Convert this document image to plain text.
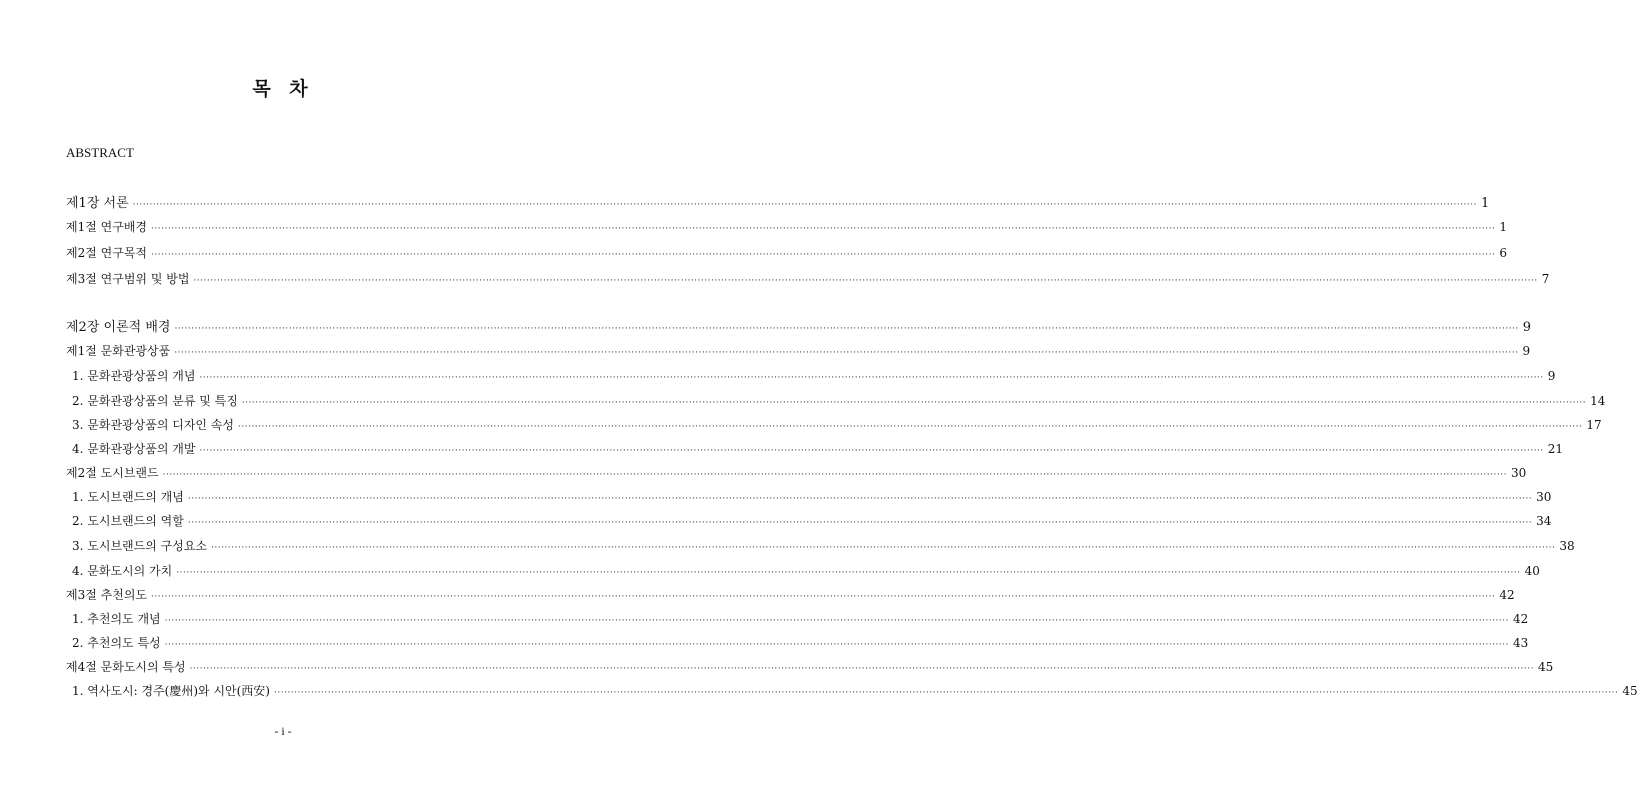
목 차
ABSTRACT
제1장 서론 ················································································································································································································································································································································································································ 1
제1절 연구배경 ················································································································································································································································································································································································································ 1
제2절 연구목적 ················································································································································································································································································································································································································ 6
제3절 연구범위 및 방법 ················································································································································································································································································································································································································ 7
제2장 이론적 배경 ················································································································································································································································································································································································································ 9
제1절 문화관광상품 ················································································································································································································································································································································································································ 9
1. 문화관광상품의 개념 ················································································································································································································································································································································································································ 9
2. 문화관광상품의 분류 및 특징 ················································································································································································································································································································································································································ 14
3. 문화관광상품의 디자인 속성 ················································································································································································································································································································································································································ 17
4. 문화관광상품의 개발 ················································································································································································································································································································································································································ 21
제2절 도시브랜드 ················································································································································································································································································································································································································ 30
1. 도시브랜드의 개념 ················································································································································································································································································································································································································ 30
2. 도시브랜드의 역할 ················································································································································································································································································································································································································ 34
3. 도시브랜드의 구성요소 ················································································································································································································································································································································································································ 38
4. 문화도시의 가치 ················································································································································································································································································································································································································ 40
제3절 추천의도 ················································································································································································································································································································································································································ 42
1. 추천의도 개념 ················································································································································································································································································································································································································ 42
2. 추천의도 특성 ················································································································································································································································································································································································································ 43
제4절 문화도시의 특성 ················································································································································································································································································································································································································ 45
1. 역사도시: 경주(慶州)와 시안(西安) ················································································································································································································································································································································································································ 45
- i -
